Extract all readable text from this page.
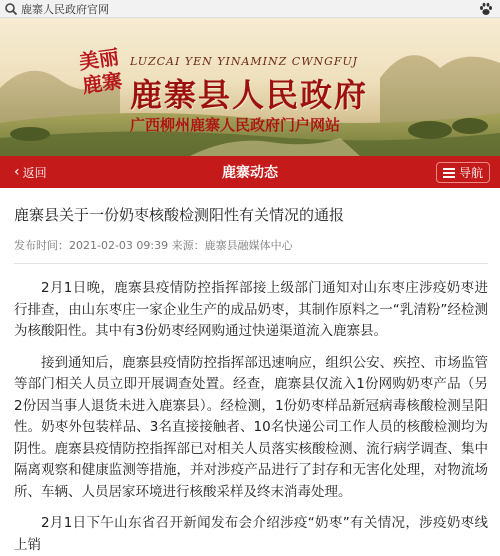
鹿寨人民政府官网
美丽鹿寨
LUZCAI YEN YINAMINZ CWNGFUJ
鹿寨县人民政府
广西柳州鹿寨人民政府门户网站
‹ 返回	鹿寨动态	导航
鹿寨县关于一份奶枣核酸检测阳性有关情况的通报
发布时间：2021-02-03 09:39 来源：鹿寨县融媒体中心

2月1日晚，鹿寨县疫情防控指挥部接上级部门通知对山东枣庄涉疫奶枣进行排查，由山东枣庄一家企业生产的成品奶枣，其制作原料之一“乳清粉”经检测为核酸阳性。其中有3份奶枣经网购通过快递渠道流入鹿寨县。

接到通知后，鹿寨县疫情防控指挥部迅速响应，组织公安、疾控、市场监管等部门相关人员立即开展调查处置。经查，鹿寨县仅流入1份网购奶枣产品（另2份因当事人退货未进入鹿寨县）。经检测，1份奶枣样品新冠病毒核酸检测呈阳性。奶枣外包装样品、3名直接接触者、10名快递公司工作人员的核酸检测均为阴性。鹿寨县疫情防控指挥部已对相关人员落实核酸检测、流行病学调查、集中隔离观察和健康监测等措施，并对涉疫产品进行了封存和无害化处理，对物流场所、车辆、人员居家环境进行核酸采样及终末消毒处理。

2月1日下午山东省召开新闻发布会介绍涉疫“奶枣”有关情况，涉疫奶枣线上销
